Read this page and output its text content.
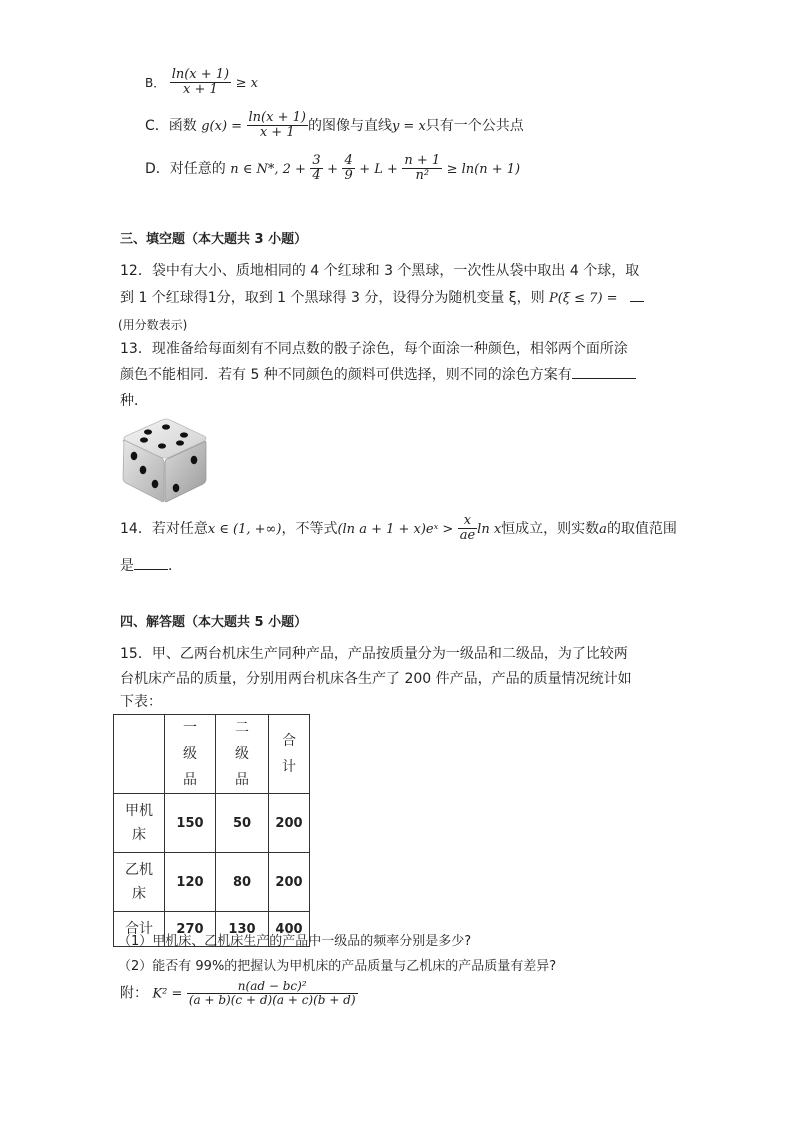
B． $\frac{\ln(x + 1)}{x + 1} \ge x$
C．函数 $g(x) = \frac{\ln(x + 1)}{x + 1}$ 的图像与直线y = x只有一个公共点
D．对任意的 n ∈ N*, $2 + \frac{3}{4} + \frac{4}{9} + L + \frac{n + 1}{\text{n²}} \ge \ln(n + 1)$
三、填空题（本大题共 3 小题）
12．袋中有大小、质地相同的 4 个红球和 3 个黑球，一次性从袋中取出 4 个球，取
到 1 个红球得1分，取到 1 个黑球得 3 分，设得分为随机变量 ξ，则 P(ξ ≤ 7) =
(用分数表示)
13．现准备给每面刻有不同点数的骰子涂色，每个面涂一种颜色，相邻两个面所涂
颜色不能相同．若有 5 种不同颜色的颜料可供选择，则不同的涂色方案有
种．
14．若对任意x ∈ (1, +∞)，不等式(ln a + 1 + x)eˣ > $\frac{x}{ae}$ ln x恒成立，则实数a的取值范围
是 ．
四、解答题（本大题共 5 小题）
15．甲、乙两台机床生产同种产品，产品按质量分为一级品和二级品，为了比较两
台机床产品的质量，分别用两台机床各生产了 200 件产品，产品的质量情况统计如
下表：

	一级品	二级品	合计

甲机床	150	50	200

乙机床	120	80	200
合计	270	130	400
（1）甲机床、乙机床生产的产品中一级品的频率分别是多少?
（2）能否有 99%的把握认为甲机床的产品质量与乙机床的产品质量有差异?
附： $K^2 = \frac{\text{n(ad − bc)²}}{(a + b)(c + d)(a + c)(b + d)}$
